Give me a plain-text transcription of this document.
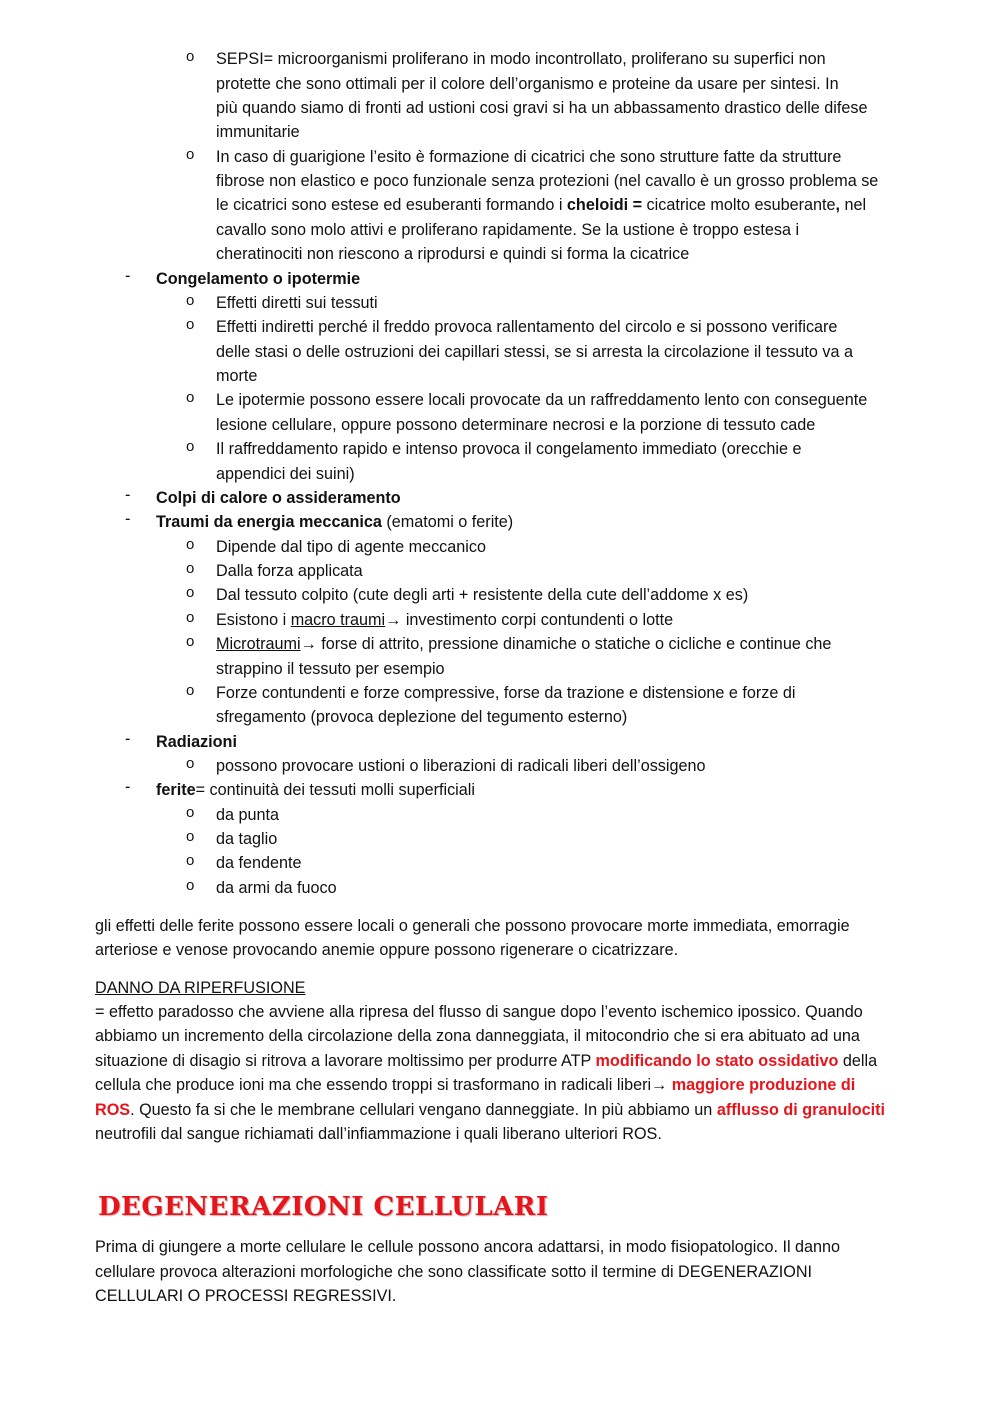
o	SEPSI= microorganismi proliferano in modo incontrollato, proliferano su superfici non
protette che sono ottimali per il colore dell’organismo e proteine da usare per sintesi. In
più quando siamo di fronti ad ustioni cosi gravi si ha un abbassamento drastico delle difese
immunitarie
o	In caso di guarigione l’esito è formazione di cicatrici che sono strutture fatte da strutture
fibrose non elastico e poco funzionale senza protezioni (nel cavallo è un grosso problema se
le cicatrici sono estese ed esuberanti formando i cheloidi = cicatrice molto esuberante, nel
cavallo sono molo attivi e proliferano rapidamente. Se la ustione è troppo estesa i
cheratinociti non riescono a riprodursi e quindi si forma la cicatrice
-	Congelamento o ipotermie
o	Effetti diretti sui tessuti
o	Effetti indiretti perché il freddo provoca rallentamento del circolo e si possono verificare
delle stasi o delle ostruzioni dei capillari stessi, se si arresta la circolazione il tessuto va a
morte
o	Le ipotermie possono essere locali provocate da un raffreddamento lento con conseguente
lesione cellulare, oppure possono determinare necrosi e la porzione di tessuto cade
o	Il raffreddamento rapido e intenso provoca il congelamento immediato (orecchie e
appendici dei suini)
-	Colpi di calore o assideramento
-	Traumi da energia meccanica (ematomi o ferite)
o	Dipende dal tipo di agente meccanico
o	Dalla forza applicata
o	Dal tessuto colpito (cute degli arti + resistente della cute dell’addome x es)
o	Esistono i macro traumi→ investimento corpi contundenti o lotte
o	Microtraumi→ forse di attrito, pressione dinamiche o statiche o cicliche e continue che
strappino il tessuto per esempio
o	Forze contundenti e forze compressive, forse da trazione e distensione e forze di
sfregamento (provoca deplezione del tegumento esterno)
-	Radiazioni
o	possono provocare ustioni o liberazioni di radicali liberi dell’ossigeno
-	ferite= continuità dei tessuti molli superficiali
o	da punta
o	da taglio
o	da fendente
o	da armi da fuoco
gli effetti delle ferite possono essere locali o generali che possono provocare morte immediata, emorragie
arteriose e venose provocando anemie oppure possono rigenerare o cicatrizzare.
DANNO DA RIPERFUSIONE
= effetto paradosso che avviene alla ripresa del flusso di sangue dopo l’evento ischemico ipossico. Quando
abbiamo un incremento della circolazione della zona danneggiata, il mitocondrio che si era abituato ad una
situazione di disagio si ritrova a lavorare moltissimo per produrre ATP modificando lo stato ossidativo della
cellula che produce ioni ma che essendo troppi si trasformano in radicali liberi→ maggiore produzione di
ROS. Questo fa si che le membrane cellulari vengano danneggiate. In più abbiamo un afflusso di granulociti
neutrofili dal sangue richiamati dall’infiammazione i quali liberano ulteriori ROS.
DEGENERAZIONI CELLULARI
Prima di giungere a morte cellulare le cellule possono ancora adattarsi, in modo fisiopatologico. Il danno
cellulare provoca alterazioni morfologiche che sono classificate sotto il termine di DEGENERAZIONI
CELLULARI O PROCESSI REGRESSIVI.
